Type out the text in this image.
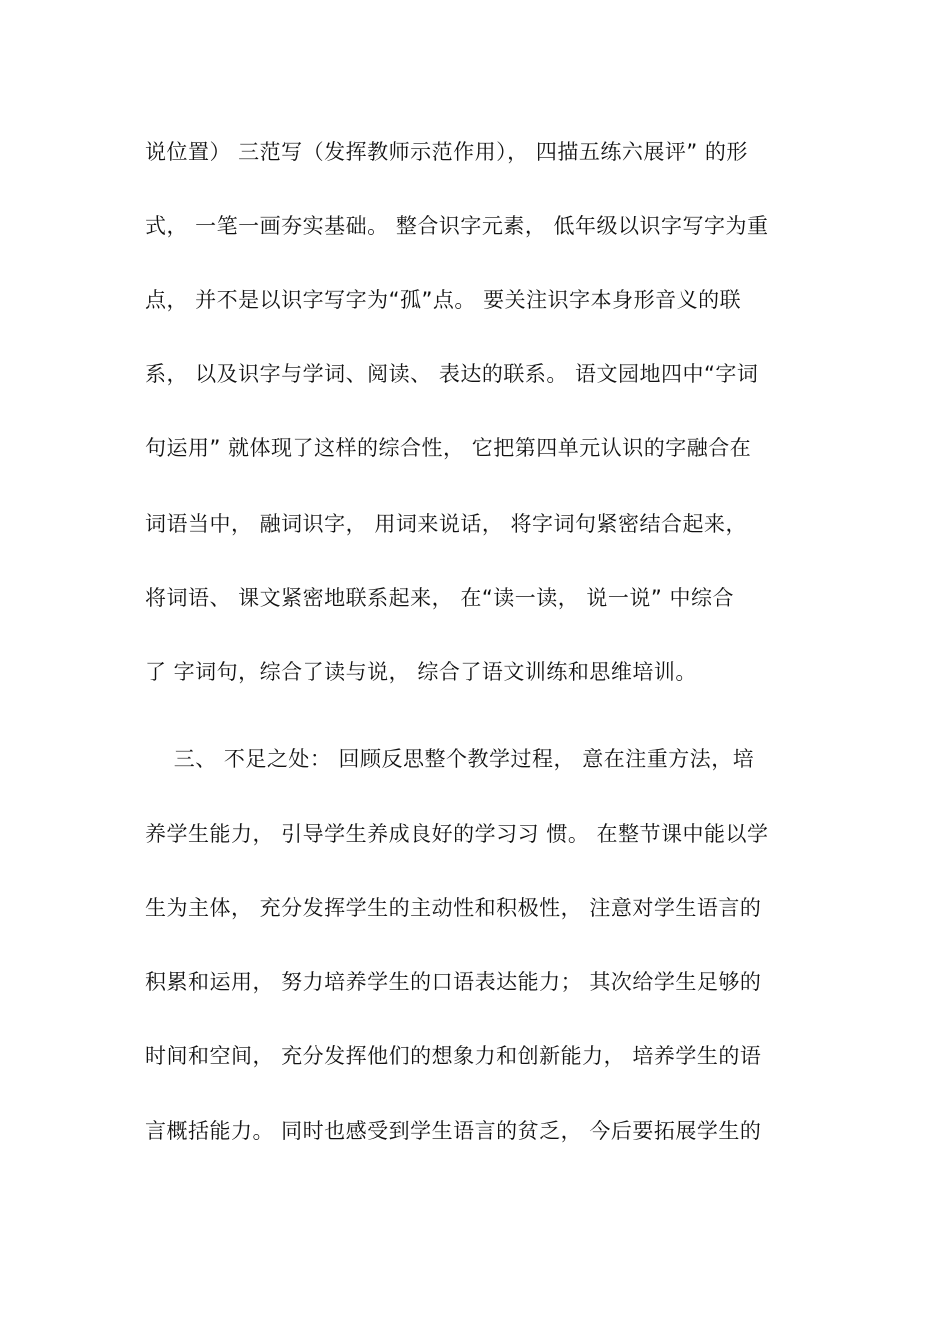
说位置） 三范写（发挥教师示范作用）， 四描五练六展评” 的形
式， 一笔一画夯实基础。 整合识字元素， 低年级以识字写字为重
点， 并不是以识字写字为“孤”点。 要关注识字本身形音义的联
系， 以及识字与学词、阅读、 表达的联系。 语文园地四中“字词
句运用” 就体现了这样的综合性， 它把第四单元认识的字融合在
词语当中， 融词识字， 用词来说话， 将字词句紧密结合起来，
将词语、 课文紧密地联系起来， 在“读一读， 说一说” 中综合
了 字词句，综合了读与说， 综合了语文训练和思维培训。
三、 不足之处： 回顾反思整个教学过程， 意在注重方法，培
养学生能力， 引导学生养成良好的学习习 惯。 在整节课中能以学
生为主体， 充分发挥学生的主动性和积极性， 注意对学生语言的
积累和运用， 努力培养学生的口语表达能力； 其次给学生足够的
时间和空间， 充分发挥他们的想象力和创新能力， 培养学生的语
言概括能力。 同时也感受到学生语言的贫乏， 今后要拓展学生的
